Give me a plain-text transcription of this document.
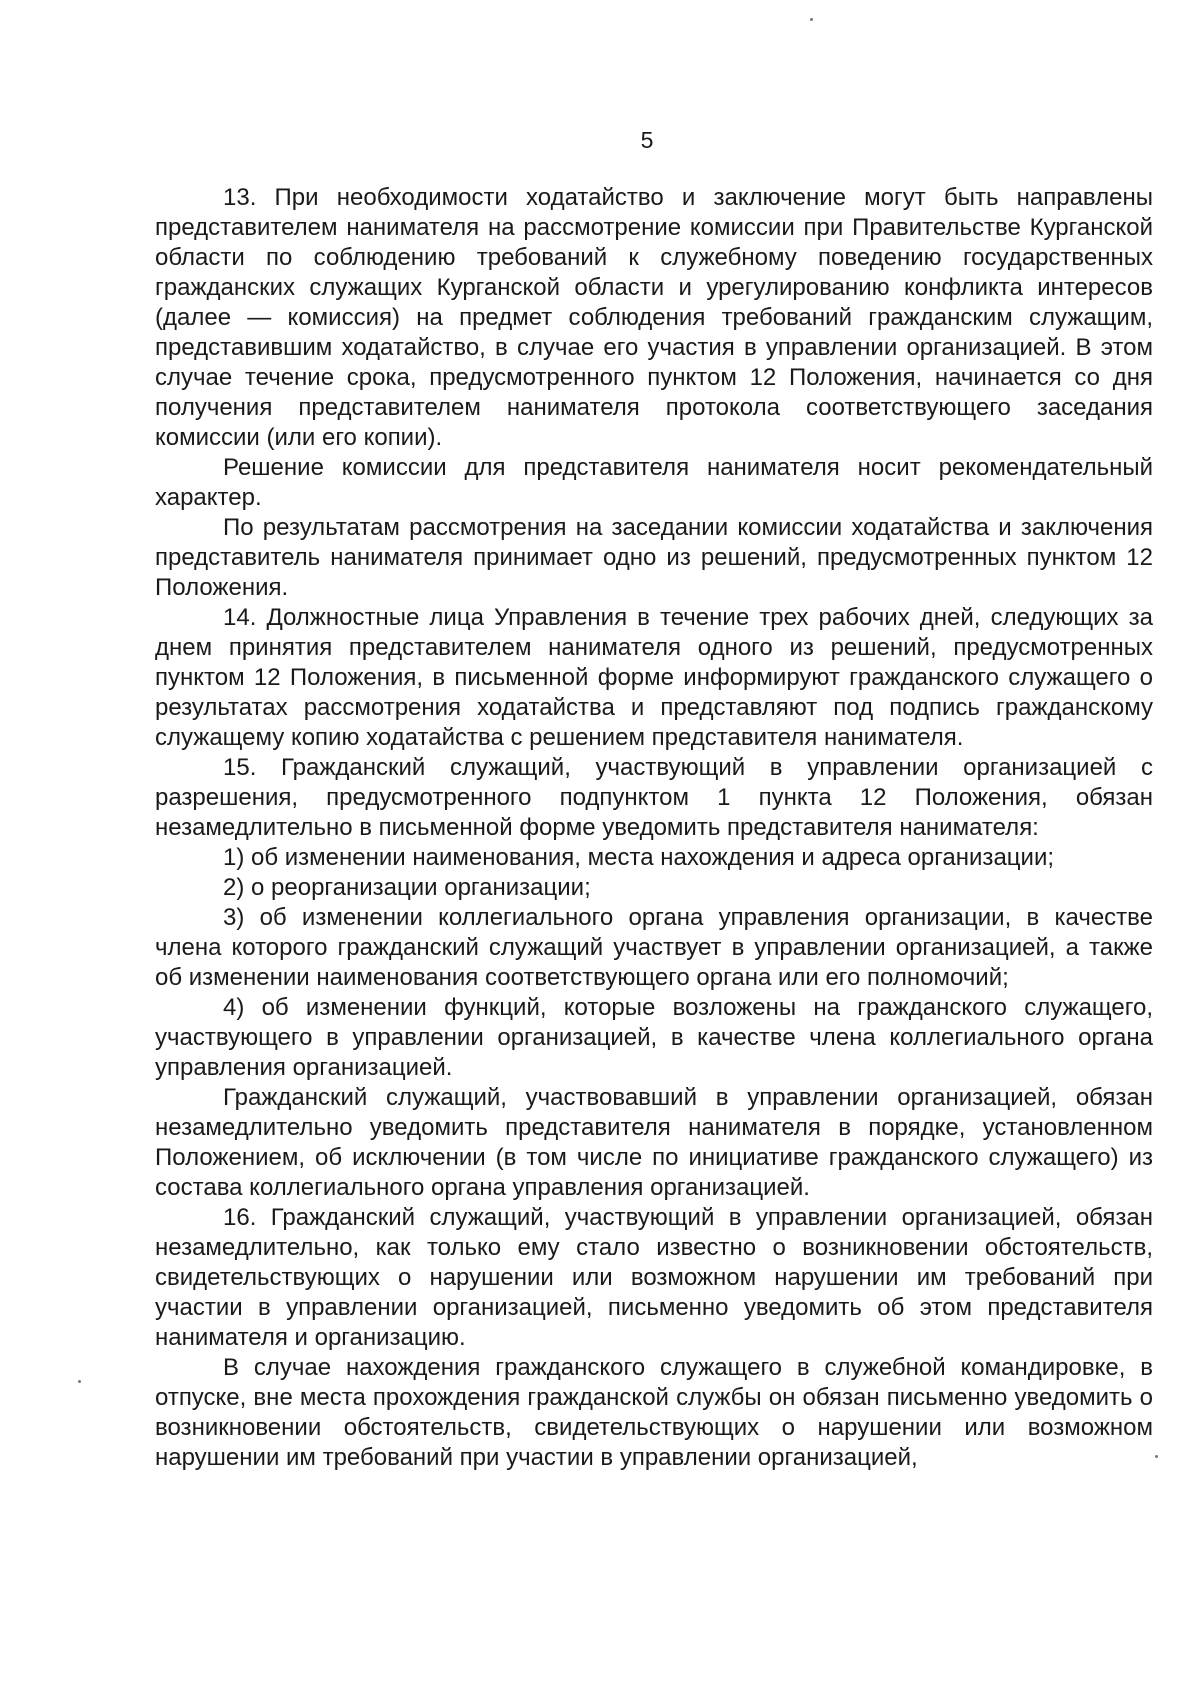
5

13. При необходимости ходатайство и заключение могут быть направлены представителем нанимателя на рассмотрение комиссии при Правительстве Курганской области по соблюдению требований к служебному поведению государственных гражданских служащих Курганской области и урегулированию конфликта интересов (далее — комиссия) на предмет соблюдения требований гражданским служащим, представившим ходатайство, в случае его участия в управлении организацией. В этом случае течение срока, предусмотренного пунктом 12 Положения, начинается со дня получения представителем нанимателя протокола соответствующего заседания комиссии (или его копии).

Решение комиссии для представителя нанимателя носит рекомендательный характер.

По результатам рассмотрения на заседании комиссии ходатайства и заключения представитель нанимателя принимает одно из решений, предусмотренных пунктом 12 Положения.

14. Должностные лица Управления в течение трех рабочих дней, следующих за днем принятия представителем нанимателя одного из решений, предусмотренных пунктом 12 Положения, в письменной форме информируют гражданского служащего о результатах рассмотрения ходатайства и представляют под подпись гражданскому служащему копию ходатайства с решением представителя нанимателя.

15. Гражданский служащий, участвующий в управлении организацией с разрешения, предусмотренного подпунктом 1 пункта 12 Положения, обязан незамедлительно в письменной форме уведомить представителя нанимателя:

1) об изменении наименования, места нахождения и адреса организации;

2) о реорганизации организации;

3) об изменении коллегиального органа управления организации, в качестве члена которого гражданский служащий участвует в управлении организацией, а также об изменении наименования соответствующего органа или его полномочий;

4) об изменении функций, которые возложены на гражданского служащего, участвующего в управлении организацией, в качестве члена коллегиального органа управления организацией.

Гражданский служащий, участвовавший в управлении организацией, обязан незамедлительно уведомить представителя нанимателя в порядке, установленном Положением, об исключении (в том числе по инициативе гражданского служащего) из состава коллегиального органа управления организацией.

16. Гражданский служащий, участвующий в управлении организацией, обязан незамедлительно, как только ему стало известно о возникновении обстоятельств, свидетельствующих о нарушении или возможном нарушении им требований при участии в управлении организацией, письменно уведомить об этом представителя нанимателя и организацию.

В случае нахождения гражданского служащего в служебной командировке, в отпуске, вне места прохождения гражданской службы он обязан письменно уведомить о возникновении обстоятельств, свидетельствующих о нарушении или возможном нарушении им требований при участии в управлении организацией,
